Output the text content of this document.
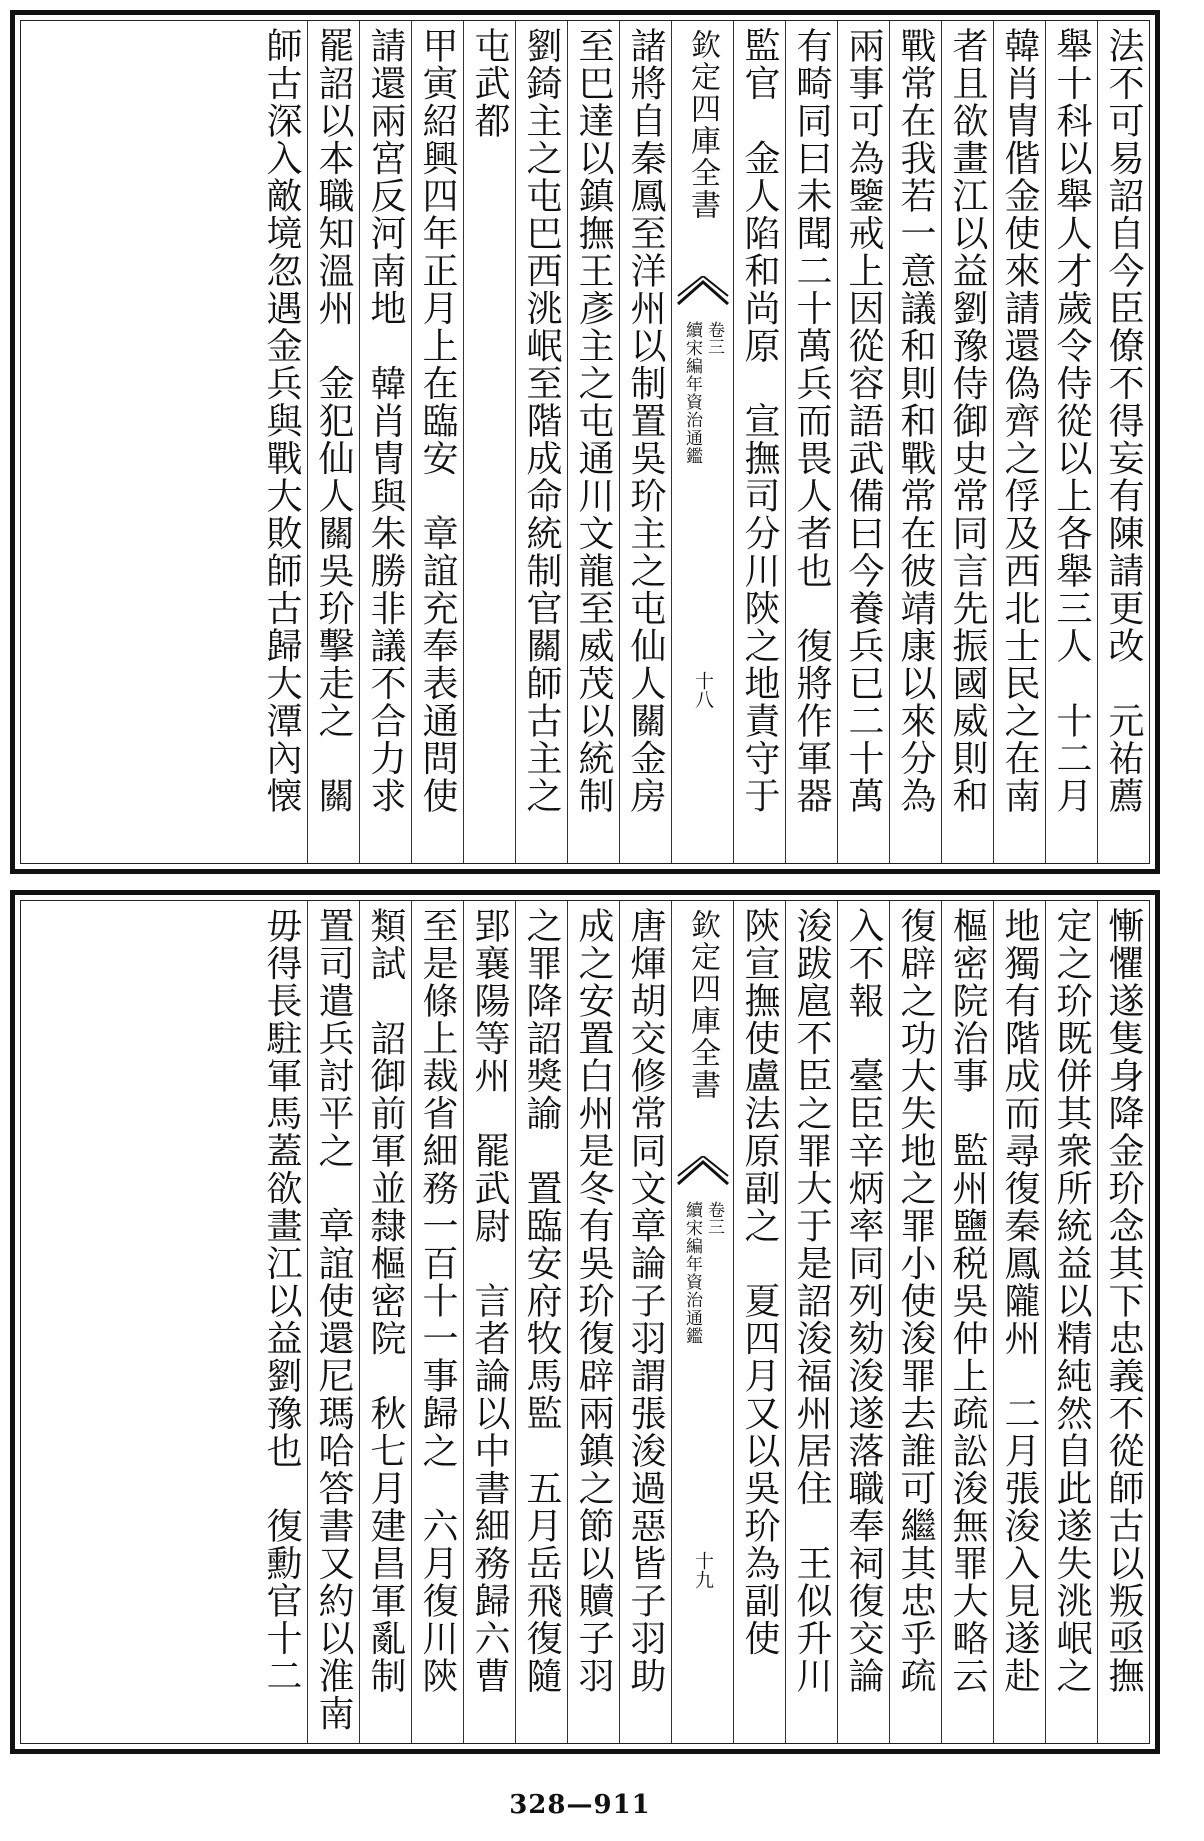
法不可易詔自今臣僚不得妄有陳請更改　元祐薦
舉十科以舉人才歲令侍從以上各舉三人　十二月
韓肖胄偕金使來請還偽齊之俘及西北士民之在南
者且欲畫江以益劉豫侍御史常同言先振國威則和
戰常在我若一意議和則和戰常在彼靖康以來分為
兩事可為鑒戒上因從容語武備曰今養兵已二十萬
有畸同曰未聞二十萬兵而畏人者也　復將作軍器
監官　金人陷和尚原　宣撫司分川陝之地責守于
欽定四庫全書
續宋編年資治通鑑 卷三
十八
諸將自秦鳳至洋州以制置吳玠主之屯仙人關金房
至巴達以鎮撫王彥主之屯通川文龍至威茂以統制
劉錡主之屯巴西洮岷至階成命統制官關師古主之
屯武都
甲寅紹興四年正月上在臨安　章誼充奉表通問使
請還兩宮反河南地　韓肖冑與朱勝非議不合力求
罷詔以本職知溫州　金犯仙人關吳玠擊走之　關
師古深入敵境忽遇金兵與戰大敗師古歸大潭內懐
慚懼遂隻身降金玠念其下忠義不從師古以叛亟撫
定之玠既併其衆所統益以精純然自此遂失洮岷之
地獨有階成而尋復秦鳳隴州　二月張浚入見遂赴
樞密院治事　監州鹽税吳仲上疏訟浚無罪大略云
復辟之功大失地之罪小使浚罪去誰可繼其忠乎疏
入不報　臺臣辛炳率同列劾浚遂落職奉祠復交論
浚跋扈不臣之罪大于是詔浚福州居住　王似升川
陝宣撫使盧法原副之　夏四月又以吳玠為副使
欽定四庫全書
續宋編年資治通鑑 卷三
十九
唐煇胡交修常同文章論子羽謂張浚過惡皆子羽助
成之安置白州是冬有吳玠復辟兩鎮之節以贖子羽
之罪降詔獎諭　置臨安府牧馬監　五月岳飛復隨
郢襄陽等州　罷武尉　言者論以中書細務歸六曹
至是條上裁省細務一百十一事歸之　六月復川陝
類試　詔御前軍並隸樞密院　秋七月建昌軍亂制
置司遣兵討平之　章誼使還尼瑪哈答書又約以淮南
毋得長駐軍馬蓋欲畫江以益劉豫也　復勳官十二
328—911
